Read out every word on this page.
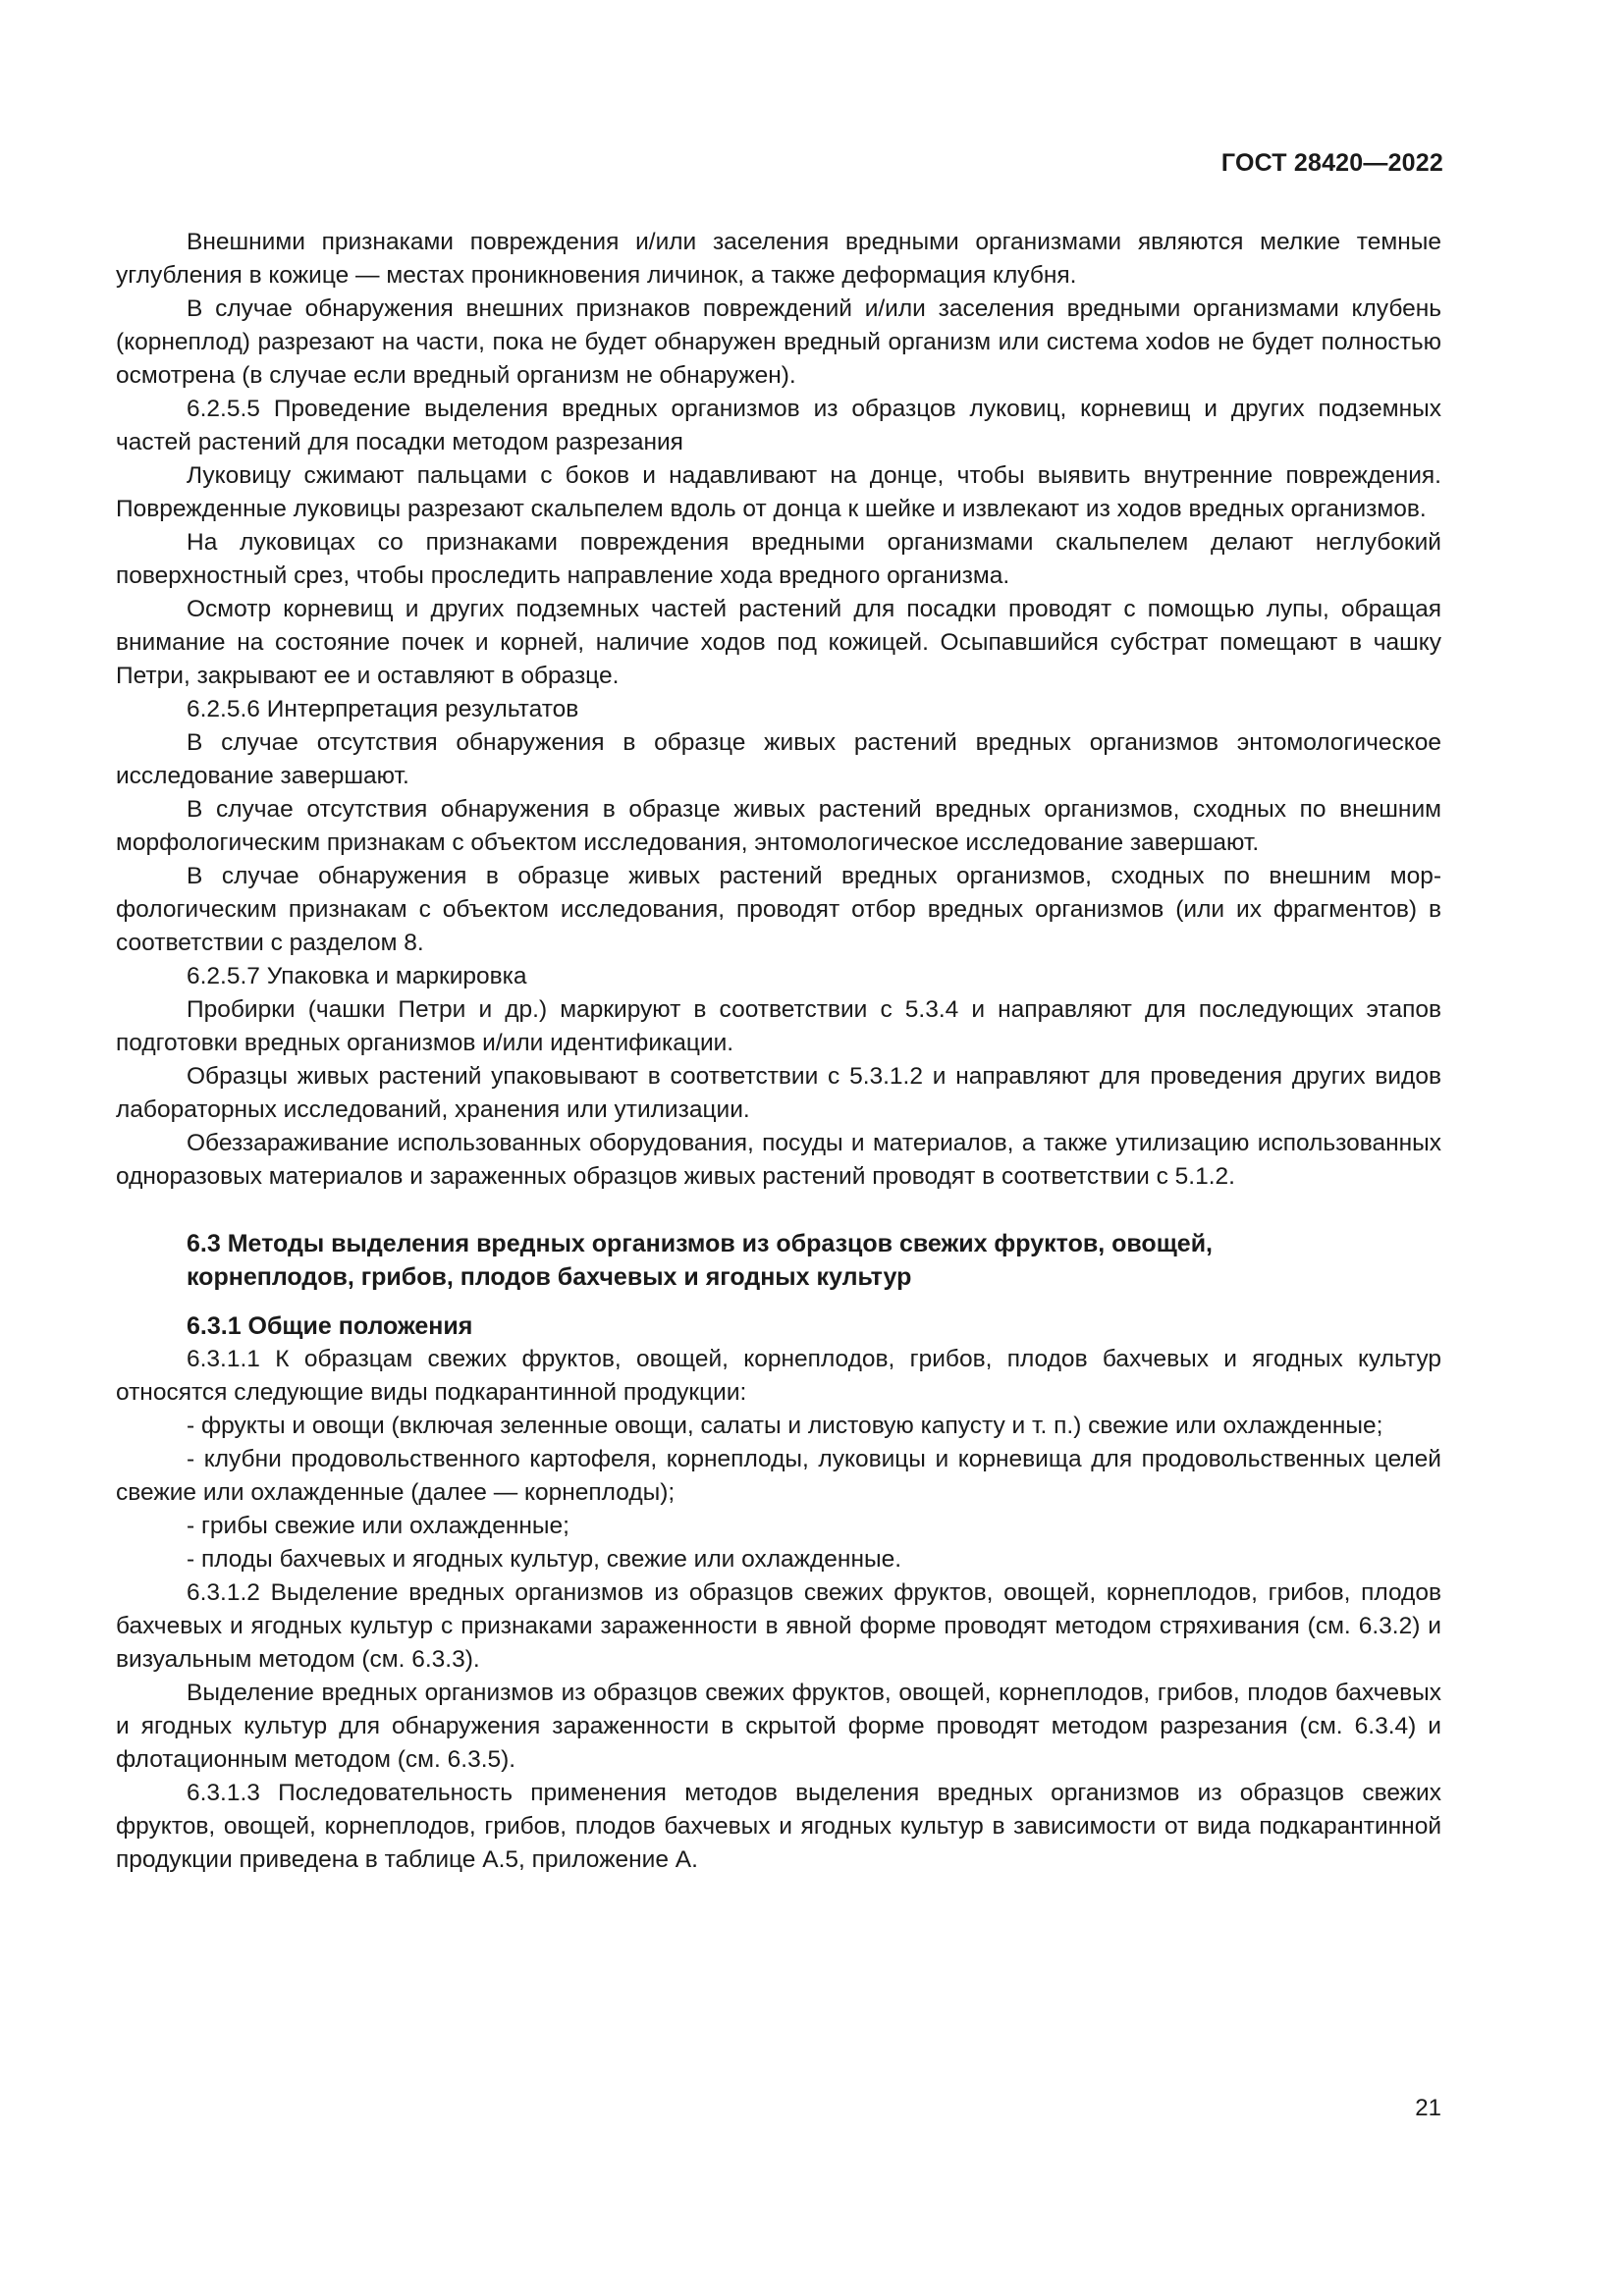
ГОСТ 28420—2022

Внешними признаками повреждения и/или заселения вредными организмами являются мелкие темные углубления в кожице — местах проникновения личинок, а также деформация клубня.

В случае обнаружения внешних признаков повреждений и/или заселения вредными организмами клубень (корнеплод) разрезают на части, пока не будет обнаружен вредный организм или система хоdов не будет полностью осмотрена (в случае если вредный организм не обнаружен).

6.2.5.5 Проведение выделения вредных организмов из образцов луковиц, корневищ и других подземных частей растений для посадки методом разрезания

Луковицу сжимают пальцами с боков и надавливают на донце, чтобы выявить внутренние повреждения. Поврежденные луковицы разрезают скальпелем вдоль от донца к шейке и извлекают из ходов вредных организмов.

На луковицах со признаками повреждения вредными организмами скальпелем делают неглубокий поверхностный срез, чтобы проследить направление хода вредного организма.

Осмотр корневищ и других подземных частей растений для посадки проводят с помощью лупы, обращая внимание на состояние почек и корней, наличие ходов под кожицей. Осыпавшийся субстрат помещают в чашку Петри, закрывают ее и оставляют в образце.

6.2.5.6 Интерпретация результатов

В случае отсутствия обнаружения в образце живых растений вредных организмов энтомологическое исследование завершают.

В случае отсутствия обнаружения в образце живых растений вредных организмов, сходных по внешним морфологическим признакам с объектом исследования, энтомологическое исследование завершают.

В случае обнаружения в образце живых растений вредных организмов, сходных по внешним морфологическим признакам с объектом исследования, проводят отбор вредных организмов (или их фрагментов) в соответствии с разделом 8.

6.2.5.7 Упаковка и маркировка

Пробирки (чашки Петри и др.) маркируют в соответствии с 5.3.4 и направляют для последующих этапов подготовки вредных организмов и/или идентификации.

Образцы живых растений упаковывают в соответствии с 5.3.1.2 и направляют для проведения других видов лабораторных исследований, хранения или утилизации.

Обеззараживание использованных оборудования, посуды и материалов, а также утилизацию использованных одноразовых материалов и зараженных образцов живых растений проводят в соответствии с 5.1.2.

6.3 Методы выделения вредных организмов из образцов свежих фруктов, овощей,
корнеплодов, грибов, плодов бахчевых и ягодных культур
6.3.1 Общие положения

6.3.1.1 К образцам свежих фруктов, овощей, корнеплодов, грибов, плодов бахчевых и ягодных культур относятся следующие виды подкарантинной продукции:

- фрукты и овощи (включая зеленные овощи, салаты и листовую капусту и т. п.) свежие или охлажденные;

- клубни продовольственного картофеля, корнеплоды, луковицы и корневища для продовольственных целей свежие или охлажденные (далее — корнеплоды);

- грибы свежие или охлажденные;

- плоды бахчевых и ягодных культур, свежие или охлажденные.

6.3.1.2 Выделение вредных организмов из образцов свежих фруктов, овощей, корнеплодов, грибов, плодов бахчевых и ягодных культур с признаками зараженности в явной форме проводят методом стряхивания (см. 6.3.2) и визуальным методом (см. 6.3.3).

Выделение вредных организмов из образцов свежих фруктов, овощей, корнеплодов, грибов, плодов бахчевых и ягодных культур для обнаружения зараженности в скрытой форме проводят методом разрезания (см. 6.3.4) и флотационным методом (см. 6.3.5).

6.3.1.3 Последовательность применения методов выделения вредных организмов из образцов свежих фруктов, овощей, корнеплодов, грибов, плодов бахчевых и ягодных культур в зависимости от вида подкарантинной продукции приведена в таблице А.5, приложение А.

21
